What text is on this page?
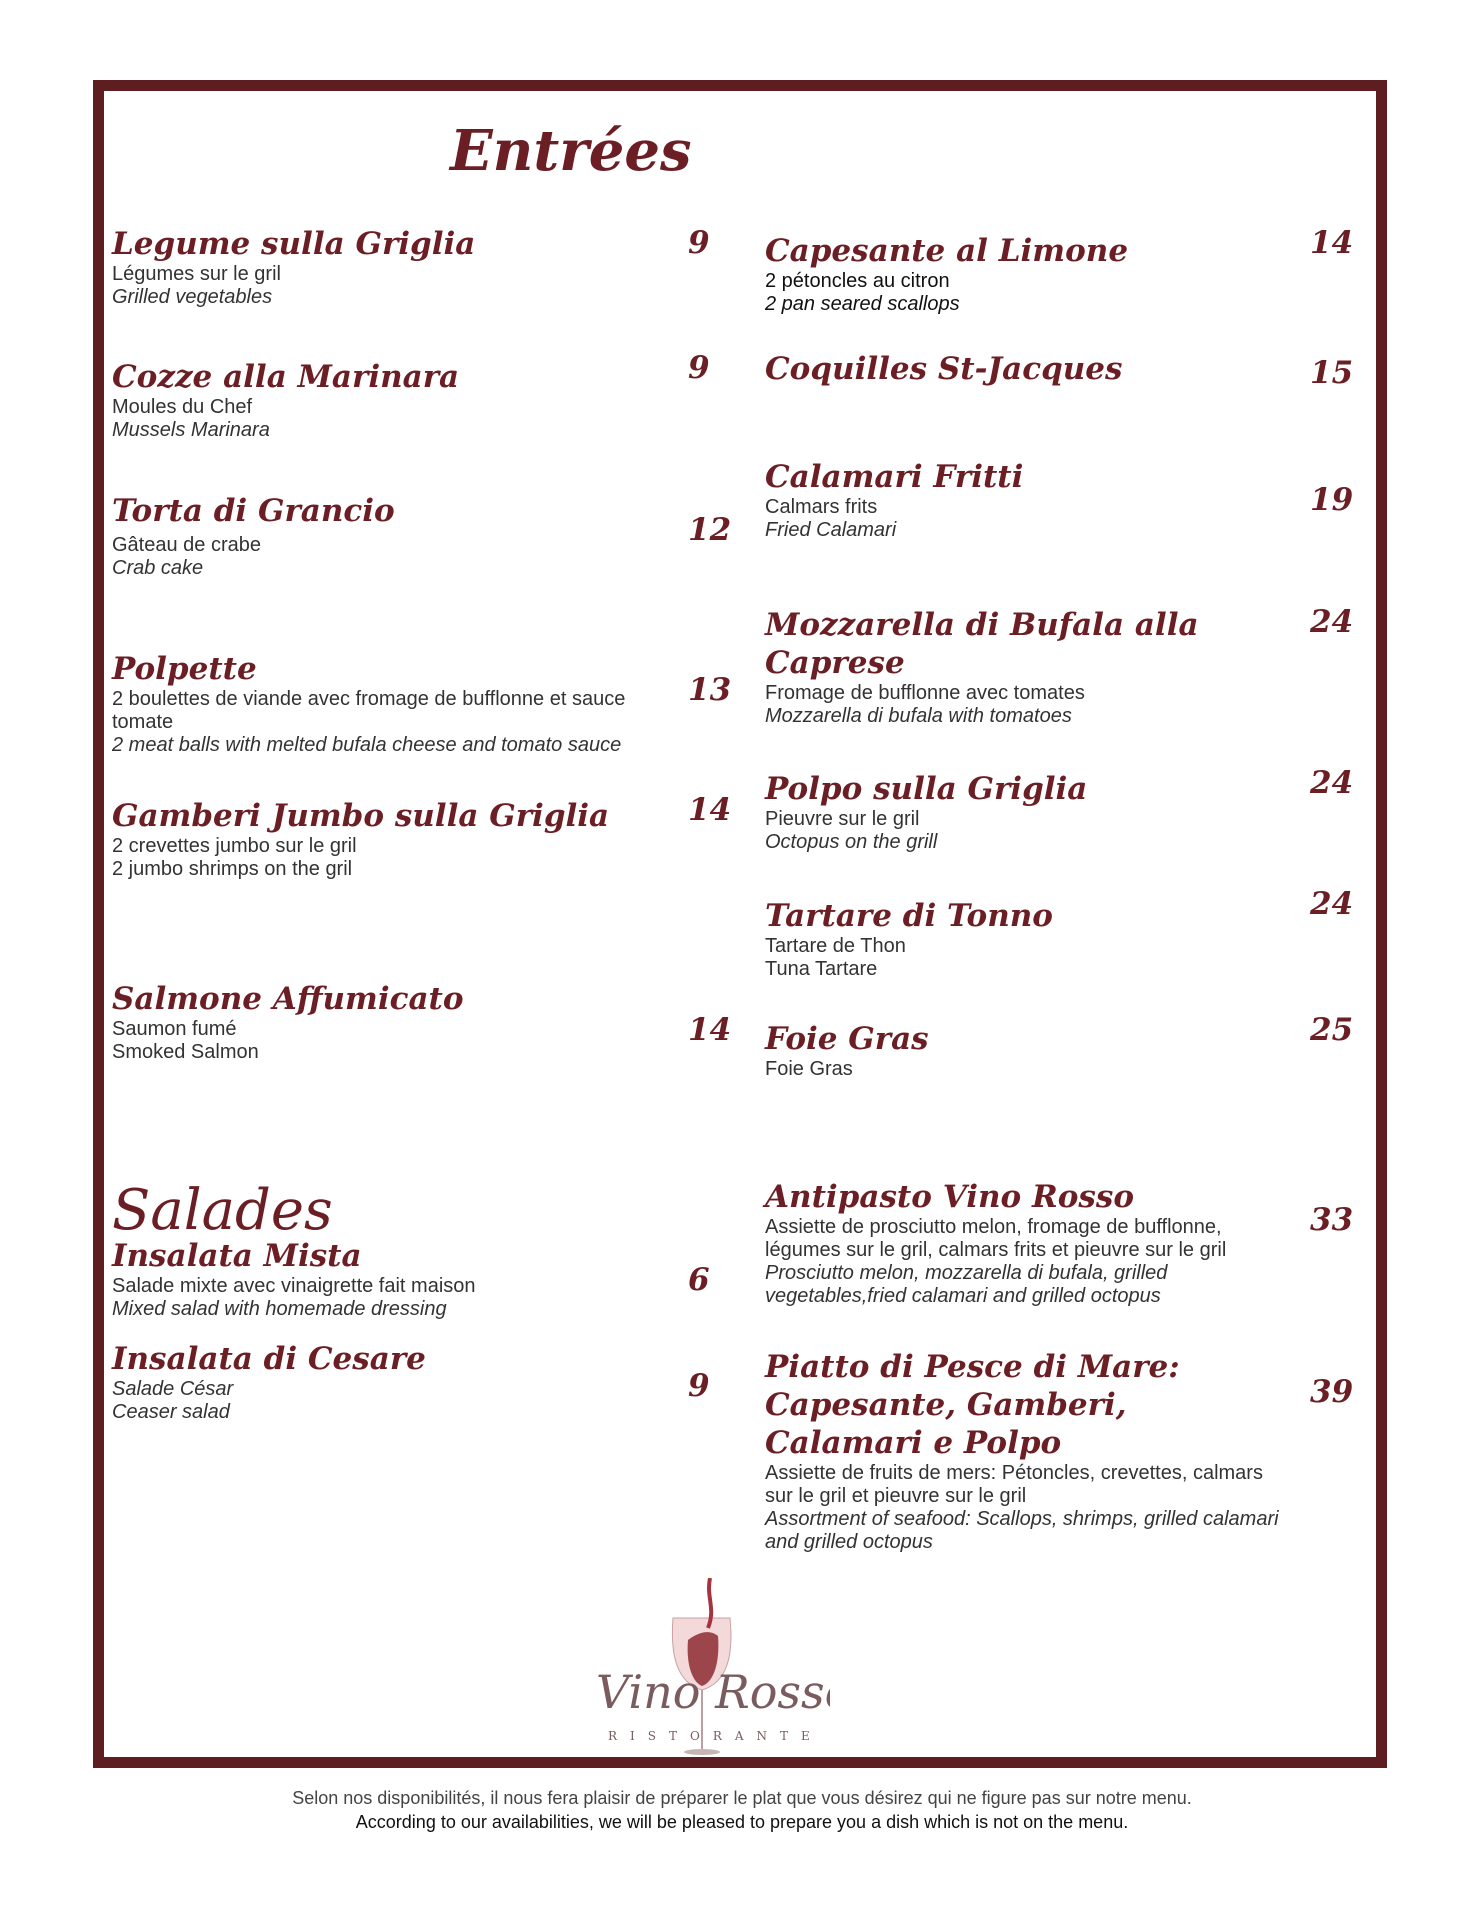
Entrées
Salades
Legume sulla Griglia
Légumes sur le gril
Grilled vegetables
9
Cozze alla Marinara
Moules du Chef
Mussels Marinara
9
Torta di Grancio
Gâteau de crabe
Crab cake
12
Polpette
2 boulettes de viande avec fromage de bufflonne et sauce tomate
2 meat balls with melted bufala cheese and tomato sauce
13
Gamberi Jumbo sulla Griglia
2 crevettes jumbo sur le gril
2 jumbo shrimps on the gril
14
Salmone Affumicato
Saumon fumé
Smoked Salmon
14
Insalata Mista
Salade mixte avec vinaigrette fait maison
Mixed salad with homemade dressing
6
Insalata di Cesare
Salade César
Ceaser salad
9
Capesante al Limone
2 pétoncles au citron
2 pan seared scallops
14
Coquilles St-Jacques	15
Calamari Fritti
Calmars frits
Fried Calamari
19
Mozzarella di Bufala alla Caprese
Fromage de bufflonne avec tomates
Mozzarella di bufala with tomatoes
24
Polpo sulla Griglia
Pieuvre sur le gril
Octopus on the grill
24
Tartare di Tonno
Tartare de Thon
Tuna Tartare
24
Foie Gras
Foie Gras
25
Antipasto Vino Rosso
Assiette de prosciutto melon, fromage de bufflonne, légumes sur le gril, calmars frits et pieuvre sur le gril
Prosciutto melon, mozzarella di bufala, grilled vegetables,fried calamari and grilled octopus
33
Piatto di Pesce di Mare: Capesante, Gamberi, Calamari e Polpo
Assiette de fruits de mers: Pétoncles, crevettes, calmars sur le gril et pieuvre sur le gril
Assortment of seafood: Scallops, shrimps, grilled calamari and grilled octopus
39
Vino Rosso
RISTORANTE
Selon nos disponibilités, il nous fera plaisir de préparer le plat que vous désirez qui ne figure pas sur notre menu.
According to our availabilities, we will be pleased to prepare you a dish which is not on the menu.
